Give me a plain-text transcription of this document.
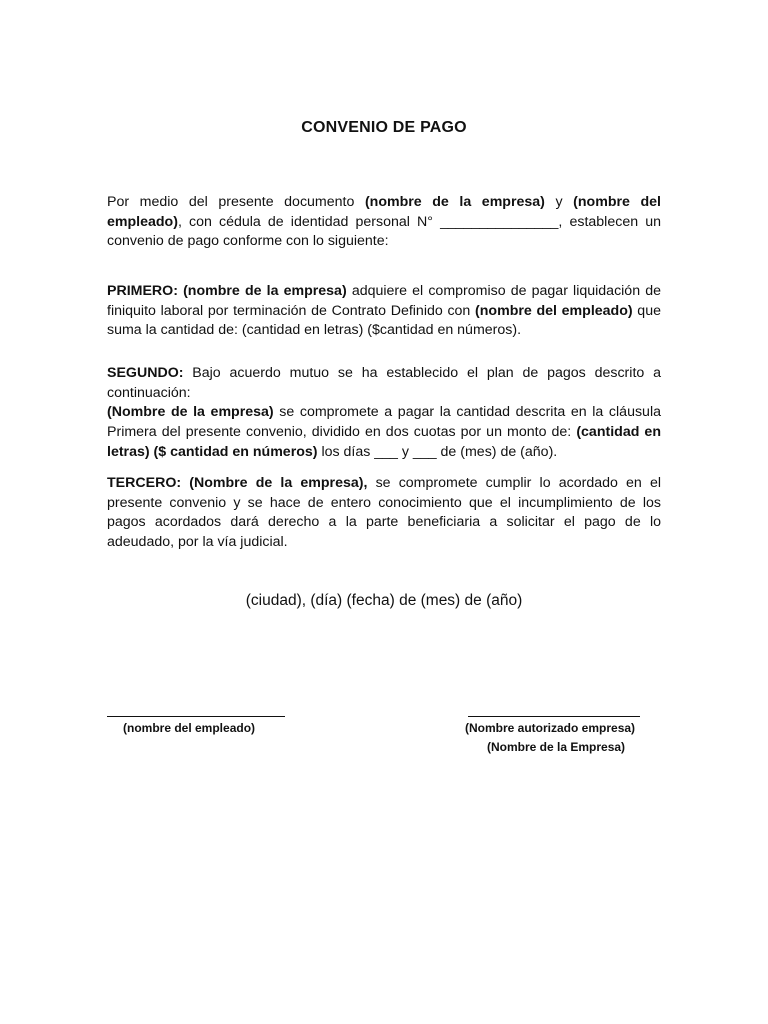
CONVENIO DE PAGO

Por medio del presente documento (nombre de la empresa) y (nombre del empleado), con cédula de identidad personal N° _______________, establecen un convenio de pago conforme con lo siguiente:

PRIMERO: (nombre de la empresa) adquiere el compromiso de pagar liquidación de finiquito laboral por terminación de Contrato Definido con (nombre del empleado) que suma la cantidad de: (cantidad en letras) ($cantidad en números).

SEGUNDO: Bajo acuerdo mutuo se ha establecido el plan de pagos descrito a continuación:
(Nombre de la empresa) se compromete a pagar la cantidad descrita en la cláusula Primera del presente convenio, dividido en dos cuotas por un monto de: (cantidad en letras) ($ cantidad en números) los días ___ y ___ de (mes) de (año).

TERCERO: (Nombre de la empresa), se compromete cumplir lo acordado en el presente convenio y se hace de entero conocimiento que el incumplimiento de los pagos acordados dará derecho a la parte beneficiaria a solicitar el pago de lo adeudado, por la vía judicial.

(ciudad), (día) (fecha) de (mes) de (año)
(nombre del empleado)	(Nombre autorizado empresa)
(Nombre de la Empresa)
